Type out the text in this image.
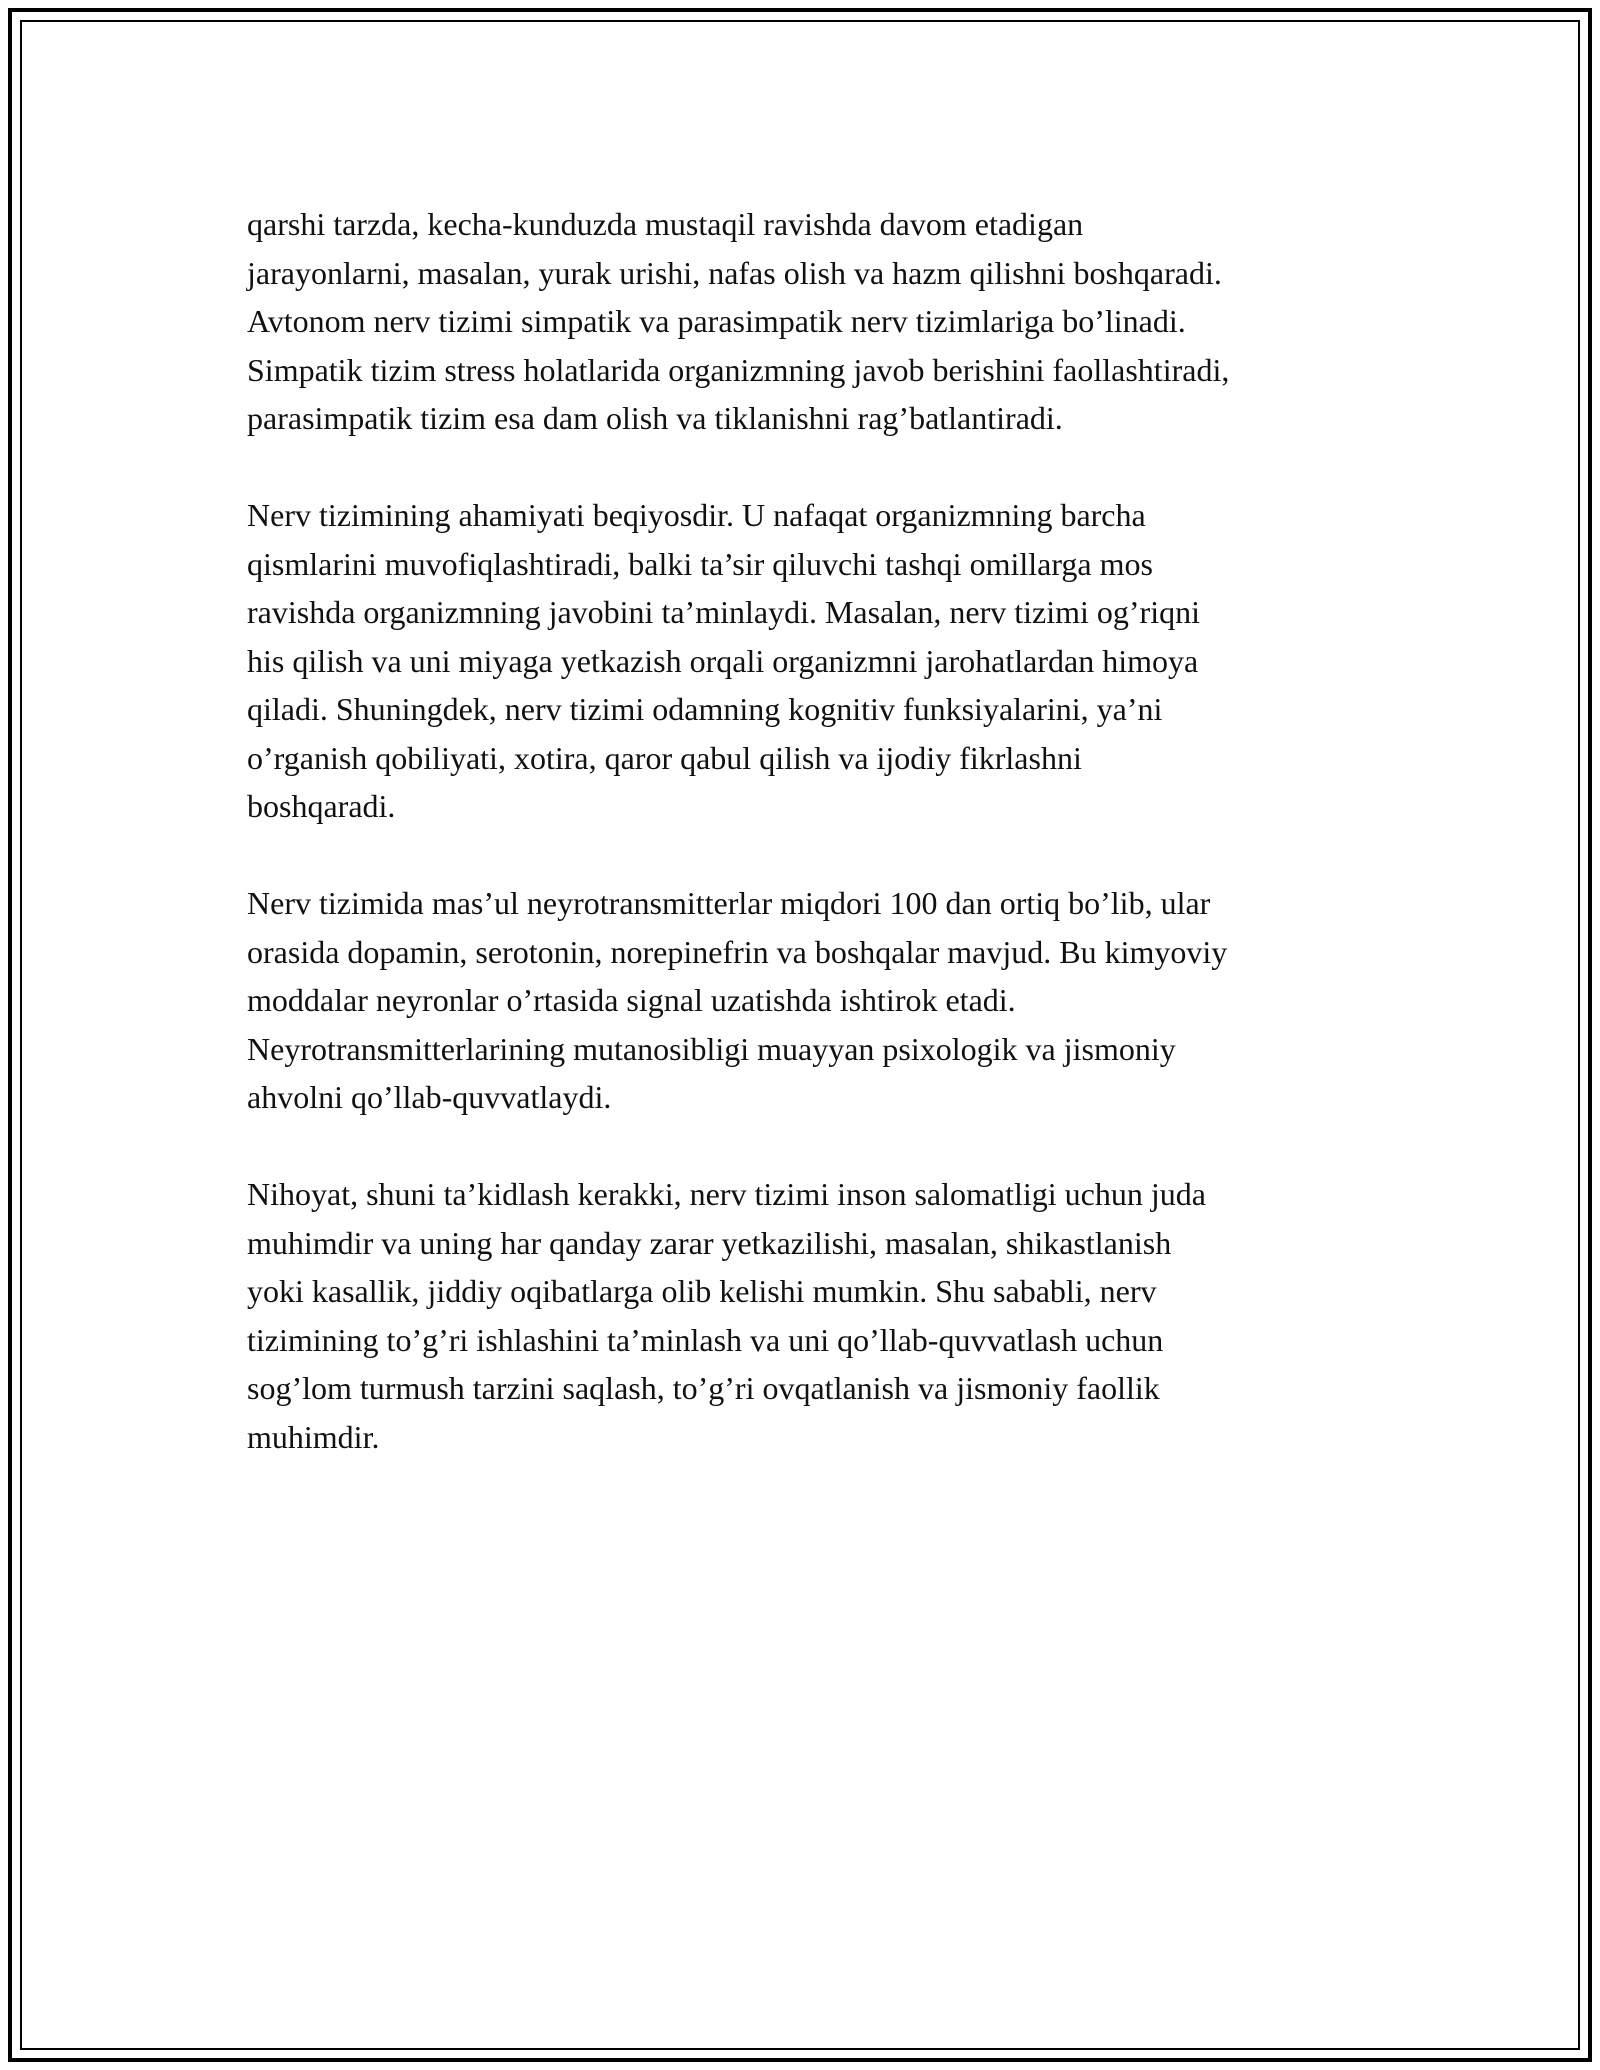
qarshi tarzda, kecha-kunduzda mustaqil ravishda davom etadigan
jarayonlarni, masalan, yurak urishi, nafas olish va hazm qilishni boshqaradi.
Avtonom nerv tizimi simpatik va parasimpatik nerv tizimlariga bo’linadi.
Simpatik tizim stress holatlarida organizmning javob berishini faollashtiradi,
parasimpatik tizim esa dam olish va tiklanishni rag’batlantiradi.

Nerv tizimining ahamiyati beqiyosdir. U nafaqat organizmning barcha
qismlarini muvofiqlashtiradi, balki ta’sir qiluvchi tashqi omillarga mos
ravishda organizmning javobini ta’minlaydi. Masalan, nerv tizimi og’riqni
his qilish va uni miyaga yetkazish orqali organizmni jarohatlardan himoya
qiladi. Shuningdek, nerv tizimi odamning kognitiv funksiyalarini, ya’ni
o’rganish qobiliyati, xotira, qaror qabul qilish va ijodiy fikrlashni
boshqaradi.

Nerv tizimida mas’ul neyrotransmitterlar miqdori 100 dan ortiq bo’lib, ular
orasida dopamin, serotonin, norepinefrin va boshqalar mavjud. Bu kimyoviy
moddalar neyronlar o’rtasida signal uzatishda ishtirok etadi.
Neyrotransmitterlarining mutanosibligi muayyan psixologik va jismoniy
ahvolni qo’llab-quvvatlaydi.

Nihoyat, shuni ta’kidlash kerakki, nerv tizimi inson salomatligi uchun juda
muhimdir va uning har qanday zarar yetkazilishi, masalan, shikastlanish
yoki kasallik, jiddiy oqibatlarga olib kelishi mumkin. Shu sababli, nerv
tizimining to’g’ri ishlashini ta’minlash va uni qo’llab-quvvatlash uchun
sog’lom turmush tarzini saqlash, to’g’ri ovqatlanish va jismoniy faollik
muhimdir.
